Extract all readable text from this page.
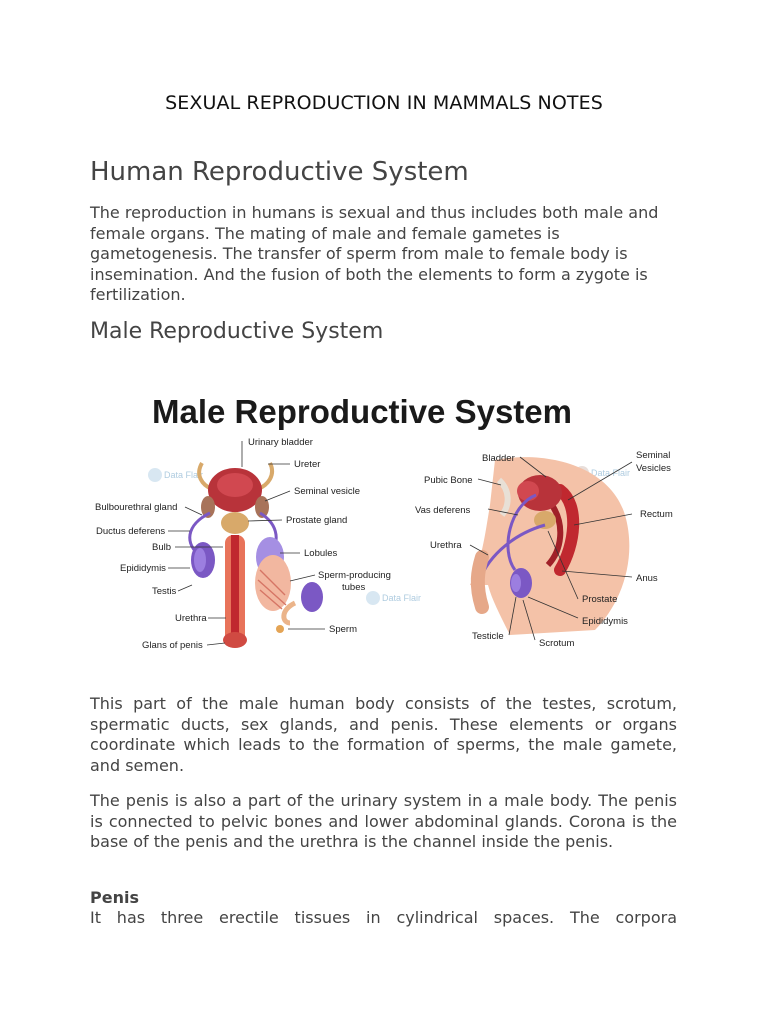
SEXUAL REPRODUCTION IN MAMMALS NOTES
Human Reproductive System

The reproduction in humans is sexual and thus includes both male and female organs. The mating of male and female gametes is gametogenesis. The transfer of sperm from male to female body is insemination. And the fusion of both the elements to form a zygote is fertilization.

Male Reproductive System
Male Reproductive System
Data Flair
Data Flair
Data Flair
Urinary bladder
Ureter
Seminal vesicle
Bulbourethral gland
Prostate gland
Ductus deferens
Bulb
Lobules
Epididymis
Sperm-producing
tubes
Testis
Urethra
Sperm
Glans of penis
Bladder	Seminal
Vesicles
Pubic Bone
Vas deferens	Rectum
Urethra
Anus
Prostate
Epididymis
Testicle
Scrotum

This part of the male human body consists of the testes, scrotum, spermatic ducts, sex glands, and penis. These elements or organs coordinate which leads to the formation of sperms, the male gamete, and semen.

The penis is also a part of the urinary system in a male body. The penis is connected to pelvic bones and lower abdominal glands. Corona is the base of the penis and the urethra is the channel inside the penis.

Penis
It has three erectile tissues in cylindrical spaces. The corpora
